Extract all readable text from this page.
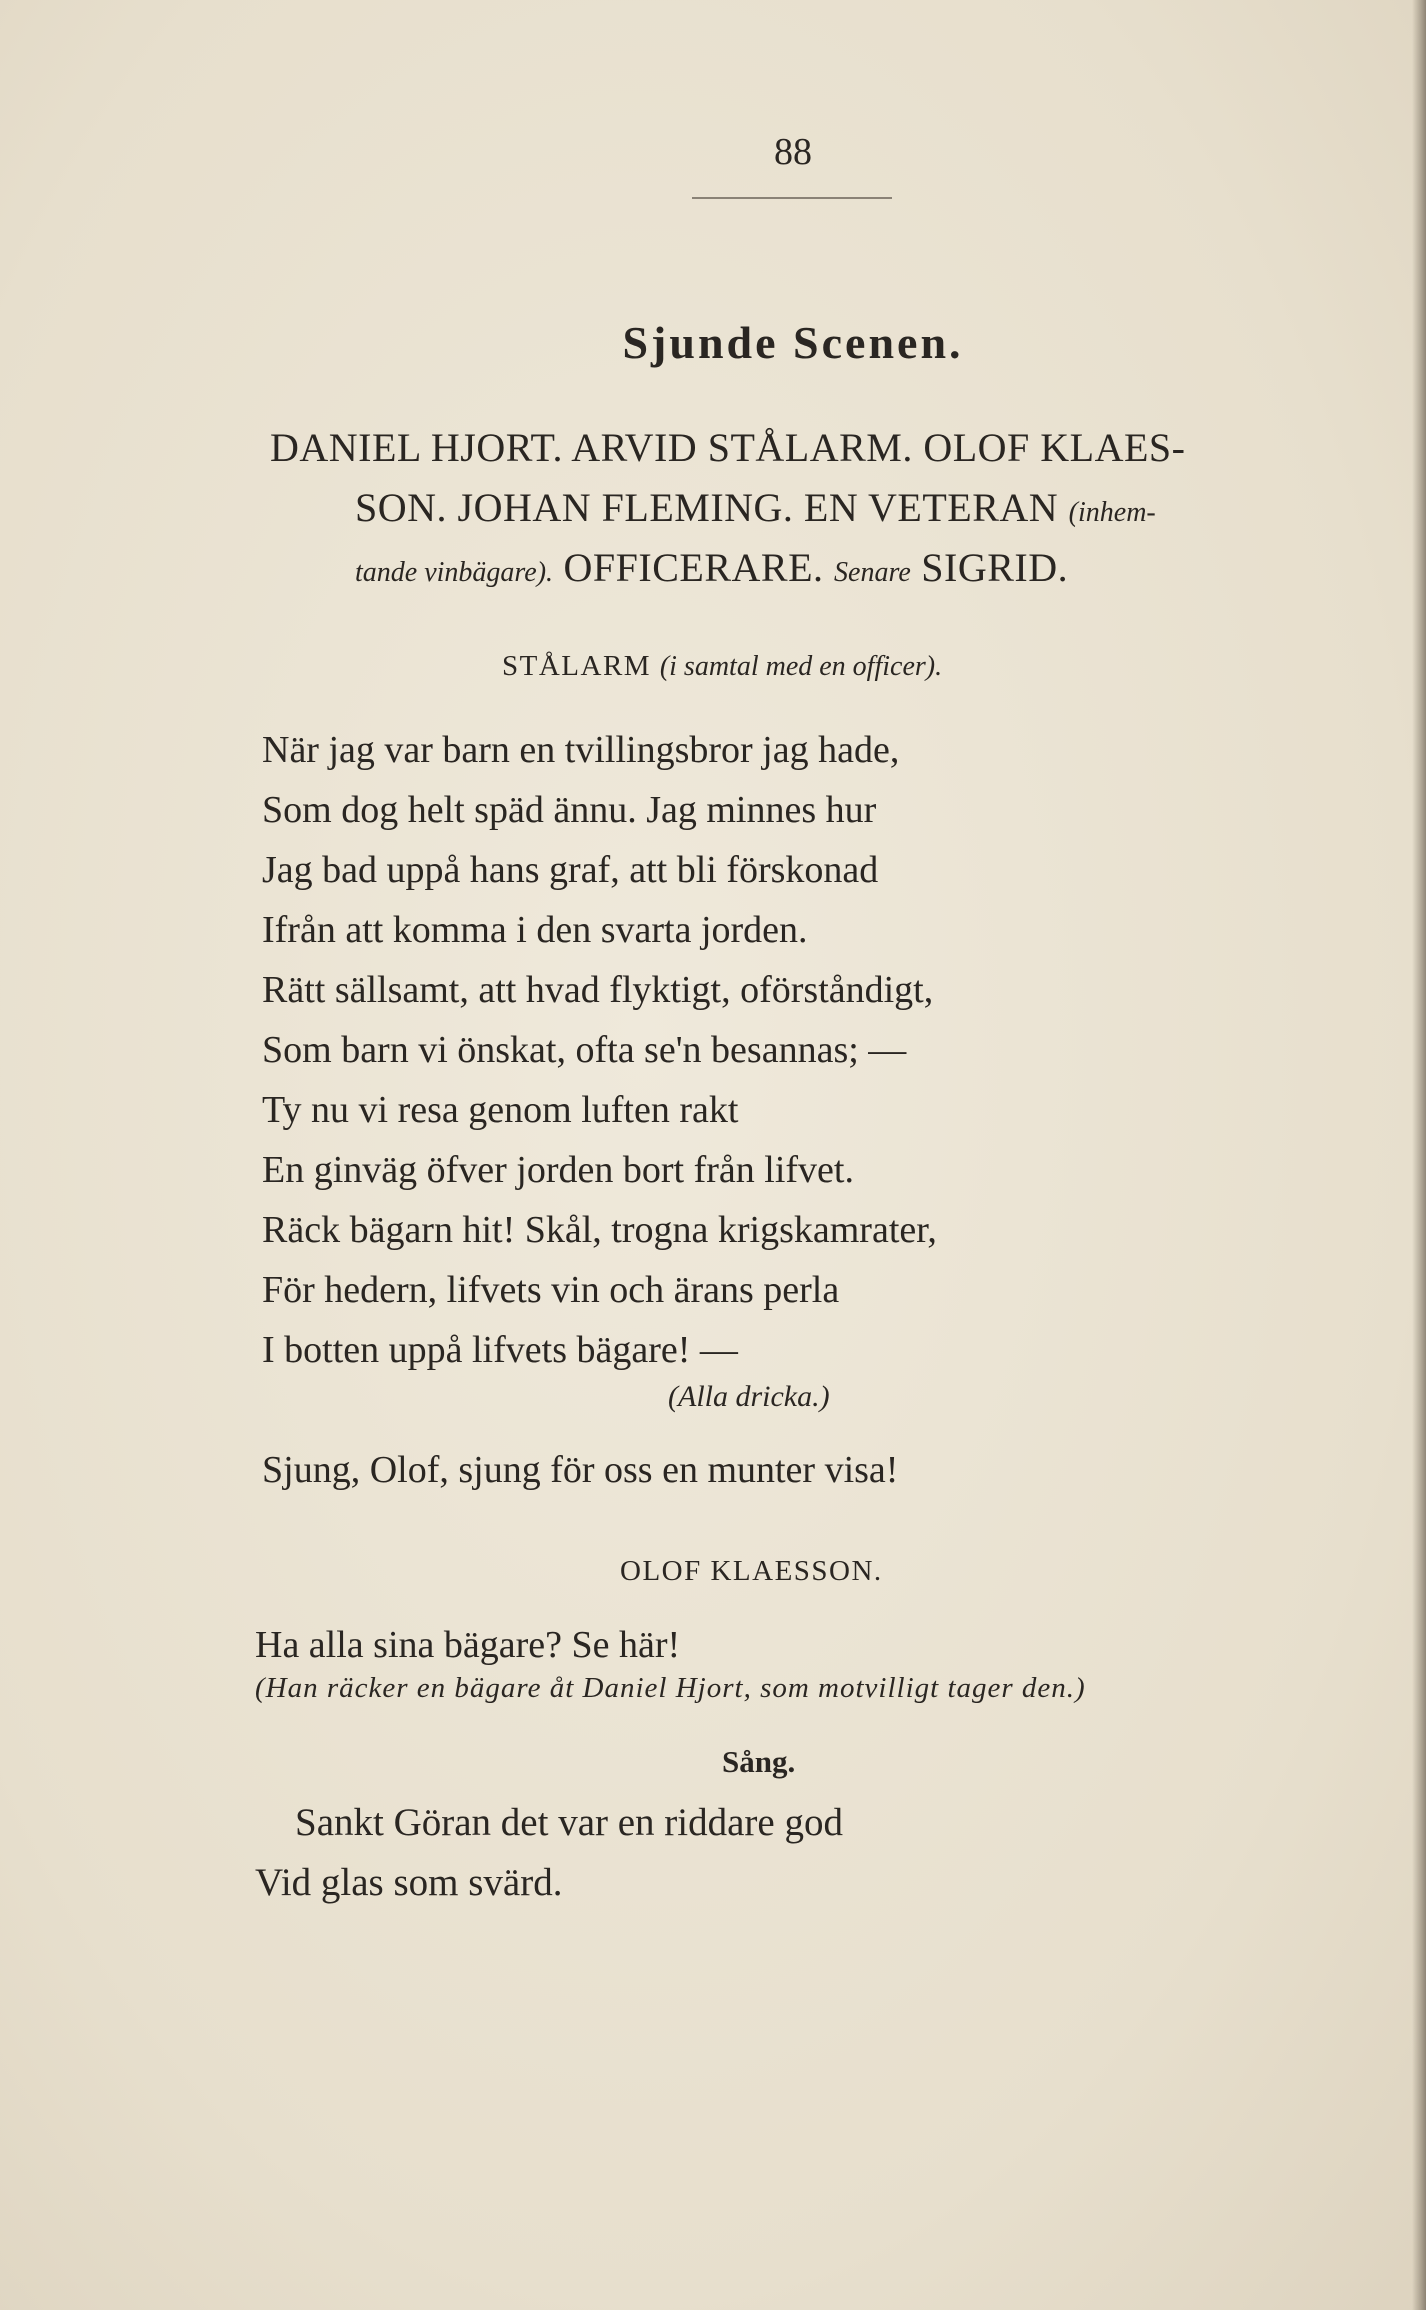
88
Sjunde Scenen.
DANIEL HJORT. ARVID STÅLARM. OLOF KLAES-
SON. JOHAN FLEMING. EN VETERAN (inhem-
tande vinbägare). OFFICERARE. Senare SIGRID.
STÅLARM (i samtal med en officer).
När jag var barn en tvillingsbror jag hade,
Som dog helt späd ännu. Jag minnes hur
Jag bad uppå hans graf, att bli förskonad
Ifrån att komma i den svarta jorden.
Rätt sällsamt, att hvad flyktigt, oförståndigt,
Som barn vi önskat, ofta se'n besannas; —
Ty nu vi resa genom luften rakt
En ginväg öfver jorden bort från lifvet.
Räck bägarn hit! Skål, trogna krigskamrater,
För hedern, lifvets vin och ärans perla
I botten uppå lifvets bägare! —
(Alla dricka.)
Sjung, Olof, sjung för oss en munter visa!
OLOF KLAESSON.
Ha alla sina bägare? Se här!
(Han räcker en bägare åt Daniel Hjort, som motvilligt tager den.)
Sång.
Sankt Göran det var en riddare god
Vid glas som svärd.
